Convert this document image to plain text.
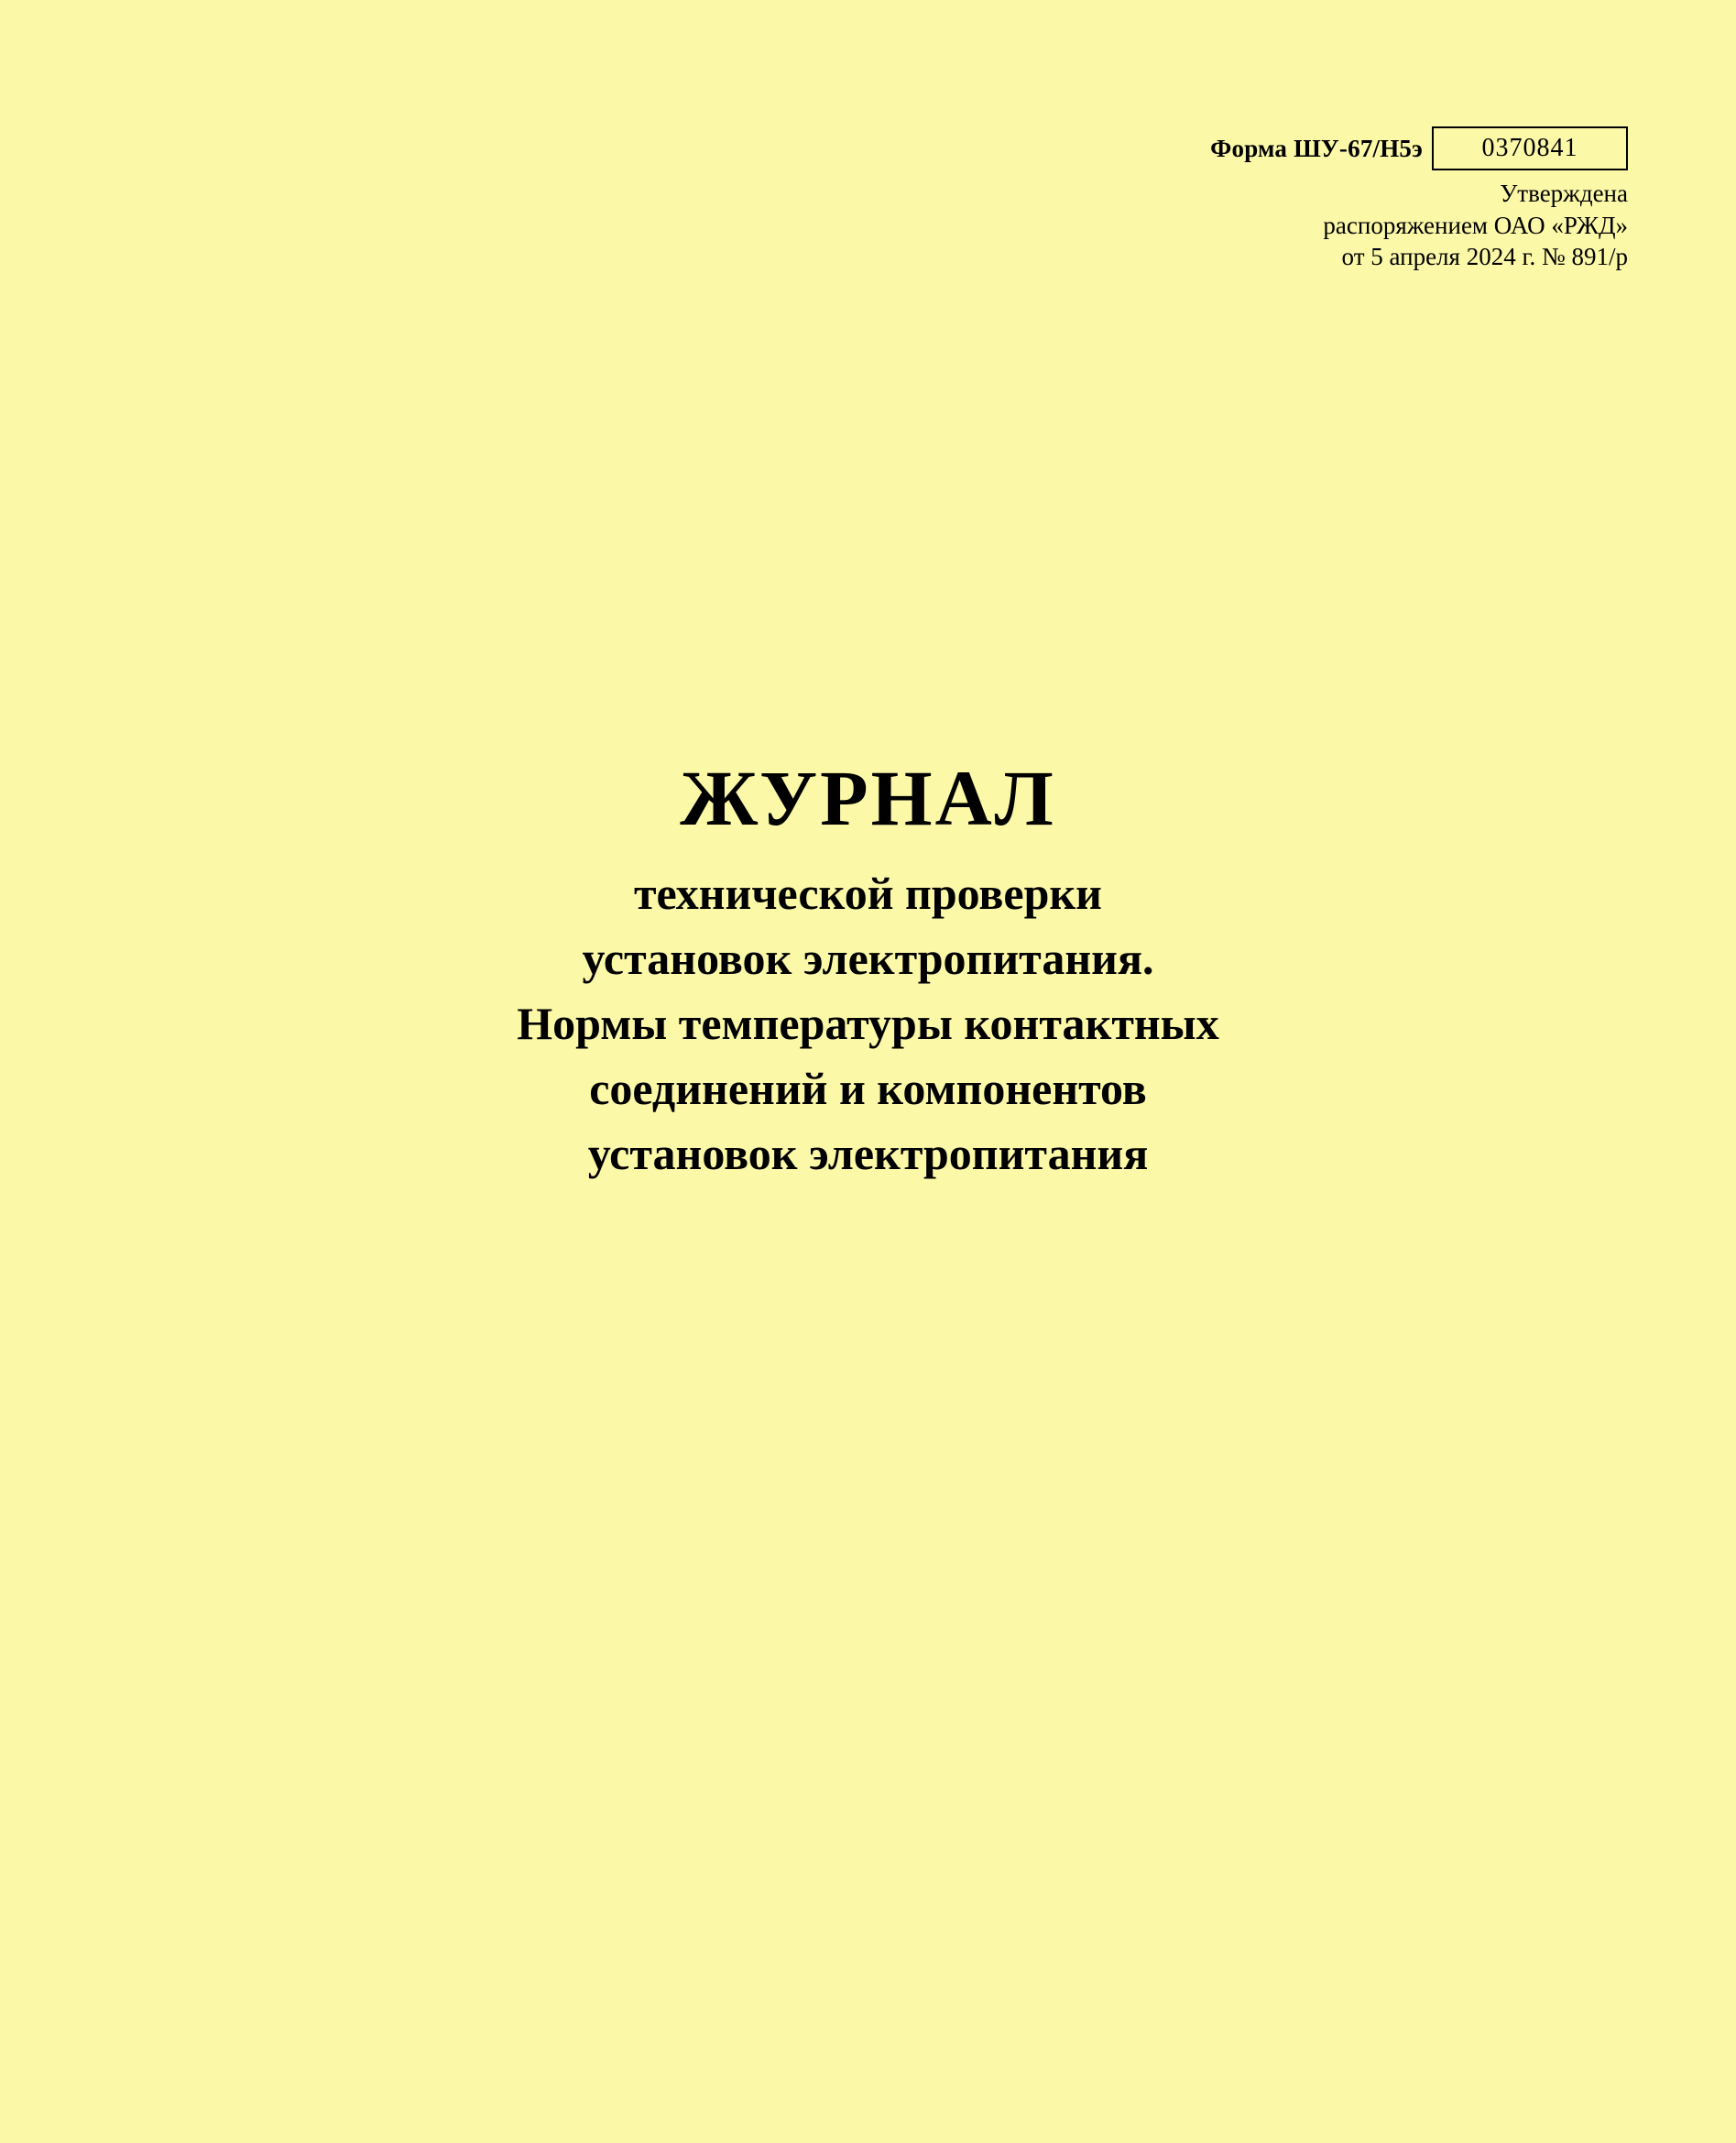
Форма ШУ-67/Н5э	0370841
Утверждена
распоряжением ОАО «РЖД»
от 5 апреля 2024 г. № 891/р
ЖУРНАЛ
технической проверки
установок электропитания.
Нормы температуры контактных
соединений и компонентов
установок электропитания
